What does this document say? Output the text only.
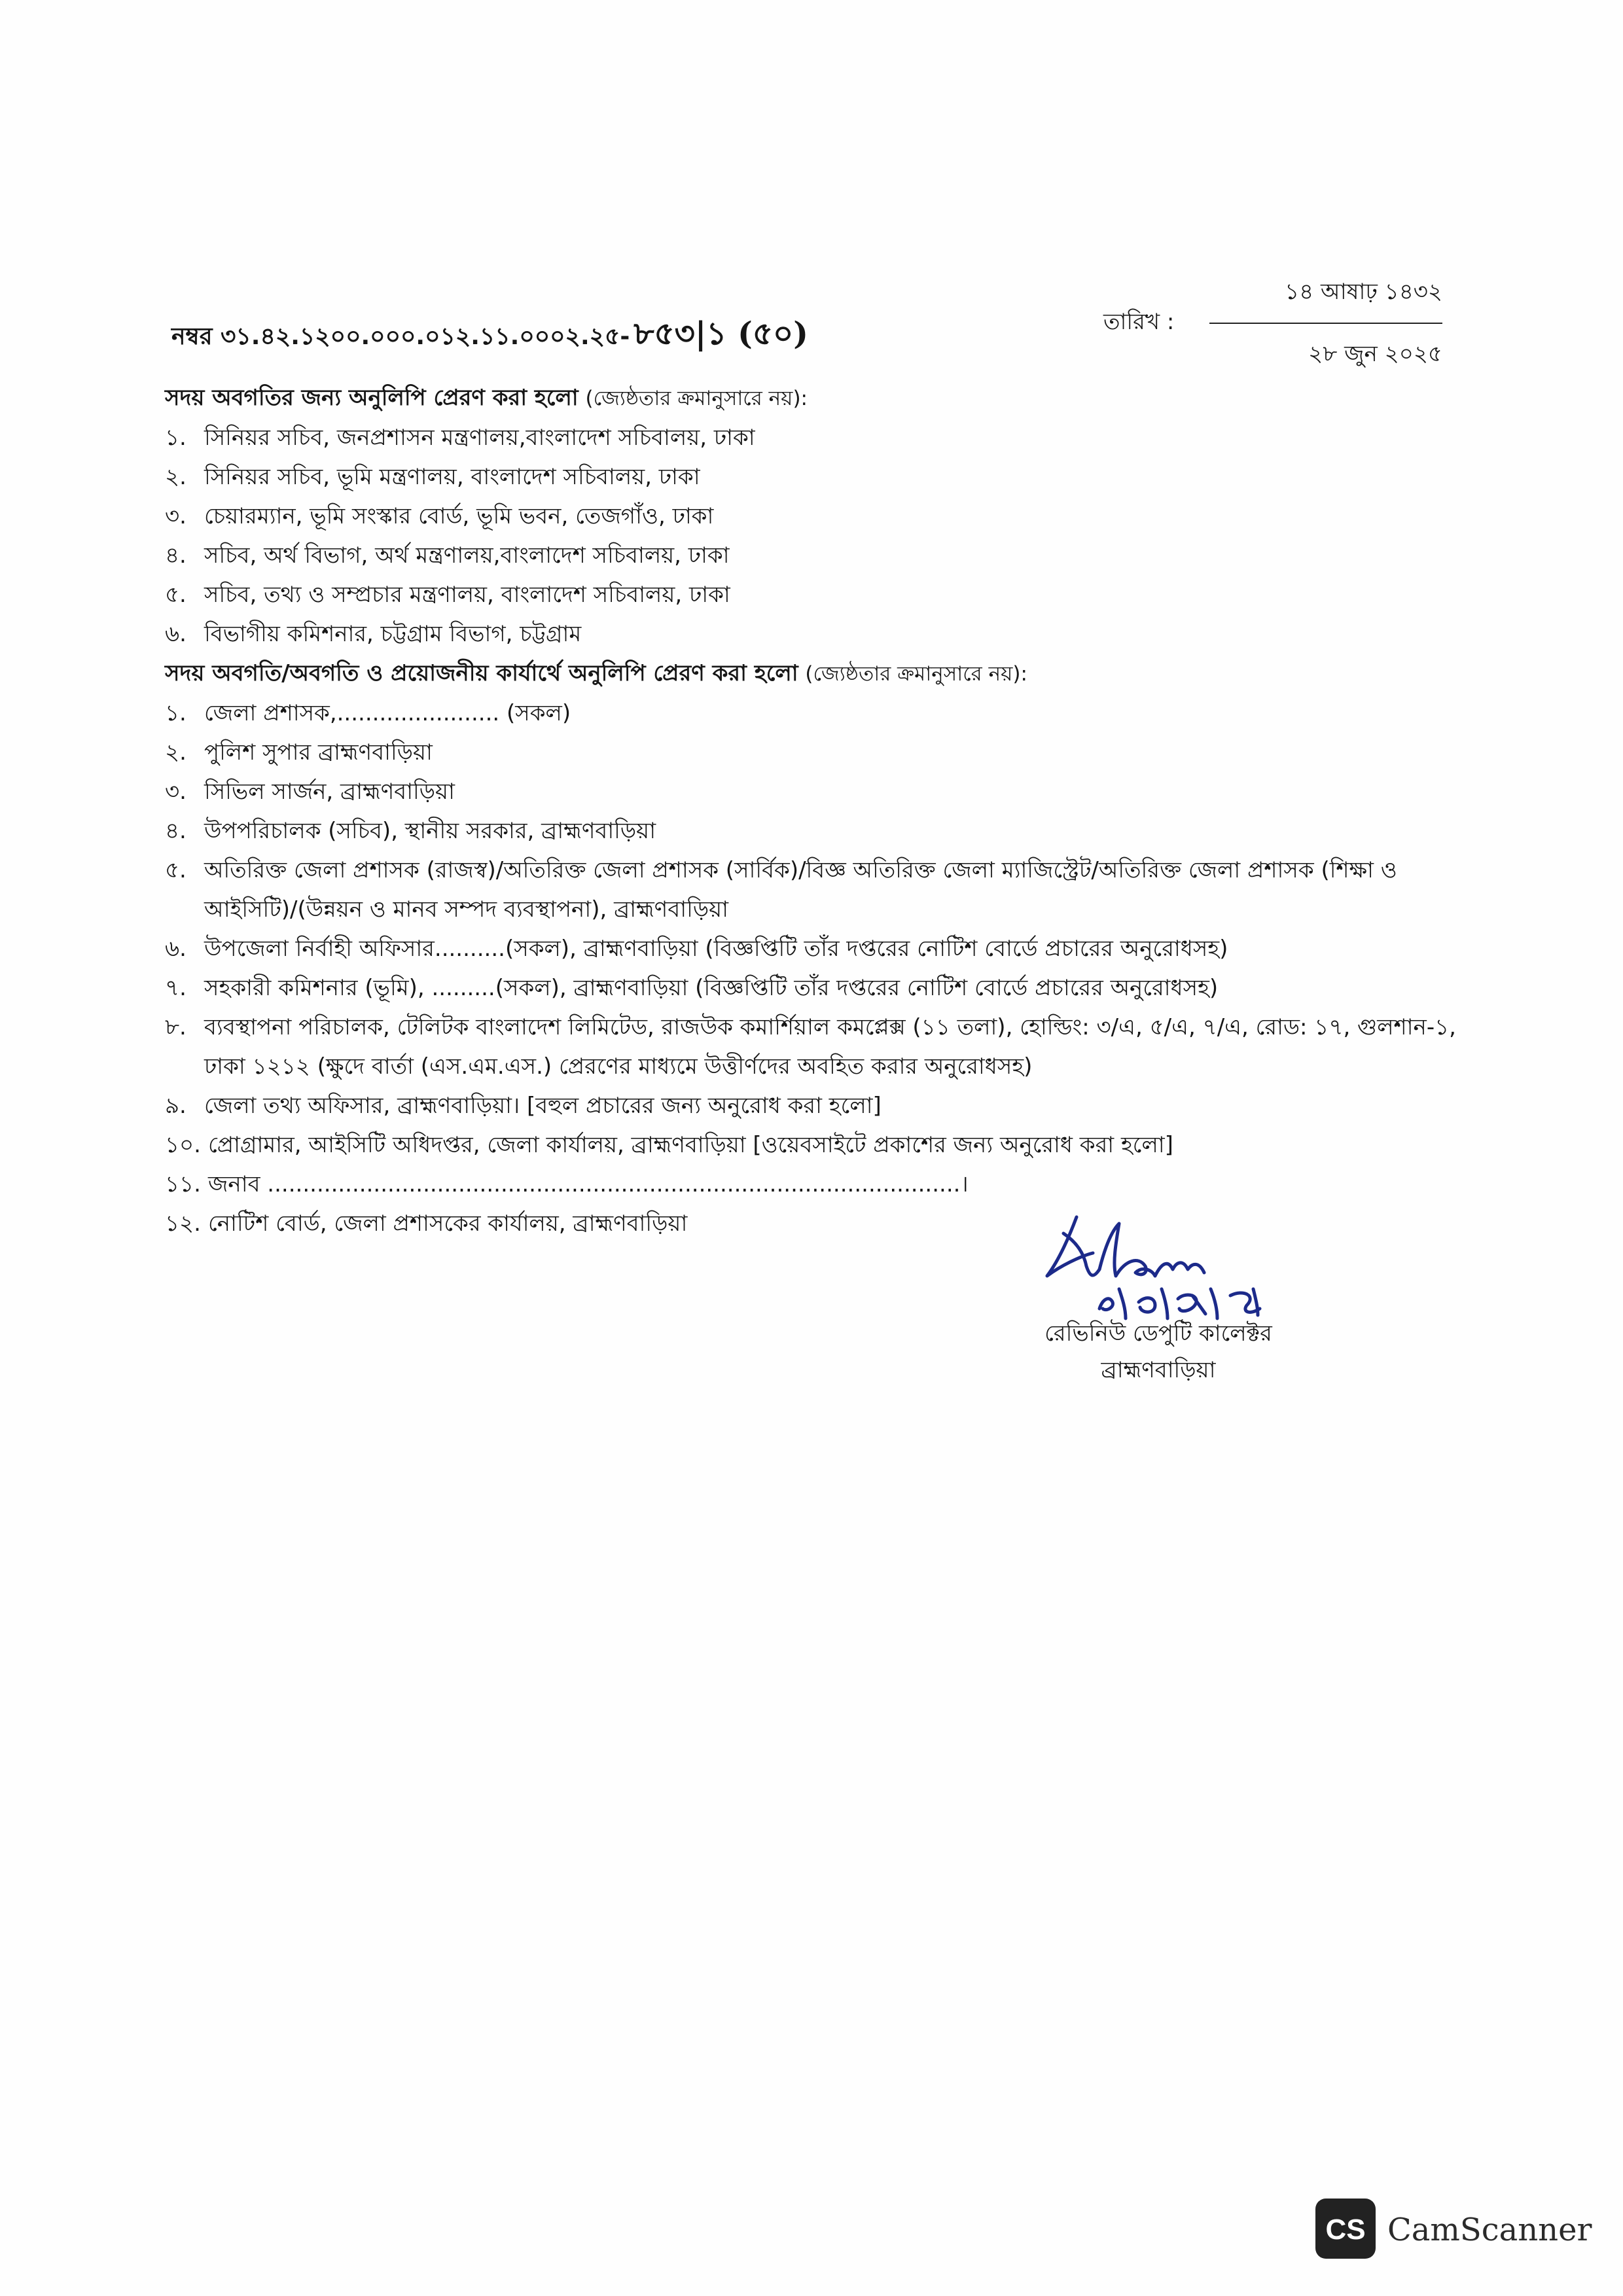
নম্বর ৩১.৪২.১২০০.০০০.০১২.১১.০০০২.২৫- ৮৫৩|১ (৫০)	তারিখ :
১৪ আষাঢ় ১৪৩২
২৮ জুন ২০২৫
সদয় অবগতির জন্য অনুলিপি প্রেরণ করা হলো (জ্যেষ্ঠতার ক্রমানুসারে নয়):
১. সিনিয়র সচিব, জনপ্রশাসন মন্ত্রণালয়,বাংলাদেশ সচিবালয়, ঢাকা
২. সিনিয়র সচিব, ভূমি মন্ত্রণালয়, বাংলাদেশ সচিবালয়, ঢাকা
৩. চেয়ারম্যান, ভূমি সংস্কার বোর্ড, ভূমি ভবন, তেজগাঁও, ঢাকা
৪. সচিব, অর্থ বিভাগ, অর্থ মন্ত্রণালয়,বাংলাদেশ সচিবালয়, ঢাকা
৫. সচিব, তথ্য ও সম্প্রচার মন্ত্রণালয়, বাংলাদেশ সচিবালয়, ঢাকা
৬. বিভাগীয় কমিশনার, চট্টগ্রাম বিভাগ, চট্টগ্রাম
সদয় অবগতি/অবগতি ও প্রয়োজনীয় কার্যার্থে অনুলিপি প্রেরণ করা হলো (জ্যেষ্ঠতার ক্রমানুসারে নয়):
১. জেলা প্রশাসক,....................... (সকল)
২. পুলিশ সুপার ব্রাহ্মণবাড়িয়া
৩. সিভিল সার্জন, ব্রাহ্মণবাড়িয়া
৪. উপপরিচালক (সচিব), স্থানীয় সরকার, ব্রাহ্মণবাড়িয়া
৫. অতিরিক্ত জেলা প্রশাসক (রাজস্ব)/অতিরিক্ত জেলা প্রশাসক (সার্বিক)/বিজ্ঞ অতিরিক্ত জেলা ম্যাজিস্ট্রেট/অতিরিক্ত জেলা প্রশাসক (শিক্ষা ও আইসিটি)/(উন্নয়ন ও মানব সম্পদ ব্যবস্থাপনা), ব্রাহ্মণবাড়িয়া
৬. উপজেলা নির্বাহী অফিসার..........(সকল), ব্রাহ্মণবাড়িয়া (বিজ্ঞপ্তিটি তাঁর দপ্তরের নোটিশ বোর্ডে প্রচারের অনুরোধসহ)
৭. সহকারী কমিশনার (ভূমি), .........(সকল), ব্রাহ্মণবাড়িয়া (বিজ্ঞপ্তিটি তাঁর দপ্তরের নোটিশ বোর্ডে প্রচারের অনুরোধসহ)
৮. ব্যবস্থাপনা পরিচালক, টেলিটক বাংলাদেশ লিমিটেড, রাজউক কমার্শিয়াল কমপ্লেক্স (১১ তলা), হোল্ডিং: ৩/এ, ৫/এ, ৭/এ, রোড: ১৭, গুলশান-১, ঢাকা ১২১২ (ক্ষুদে বার্তা (এস.এম.এস.) প্রেরণের মাধ্যমে উত্তীর্ণদের অবহিত করার অনুরোধসহ)
৯. জেলা তথ্য অফিসার, ব্রাহ্মণবাড়িয়া। [বহুল প্রচারের জন্য অনুরোধ করা হলো]
১০. প্রোগ্রামার, আইসিটি অধিদপ্তর, জেলা কার্যালয়, ব্রাহ্মণবাড়িয়া [ওয়েবসাইটে প্রকাশের জন্য অনুরোধ করা হলো]
১১. জনাব ..................................................................................................।
১২. নোটিশ বোর্ড, জেলা প্রশাসকের কার্যালয়, ব্রাহ্মণবাড়িয়া
রেভিনিউ ডেপুটি কালেক্টর
ব্রাহ্মণবাড়িয়া
CS CamScanner
